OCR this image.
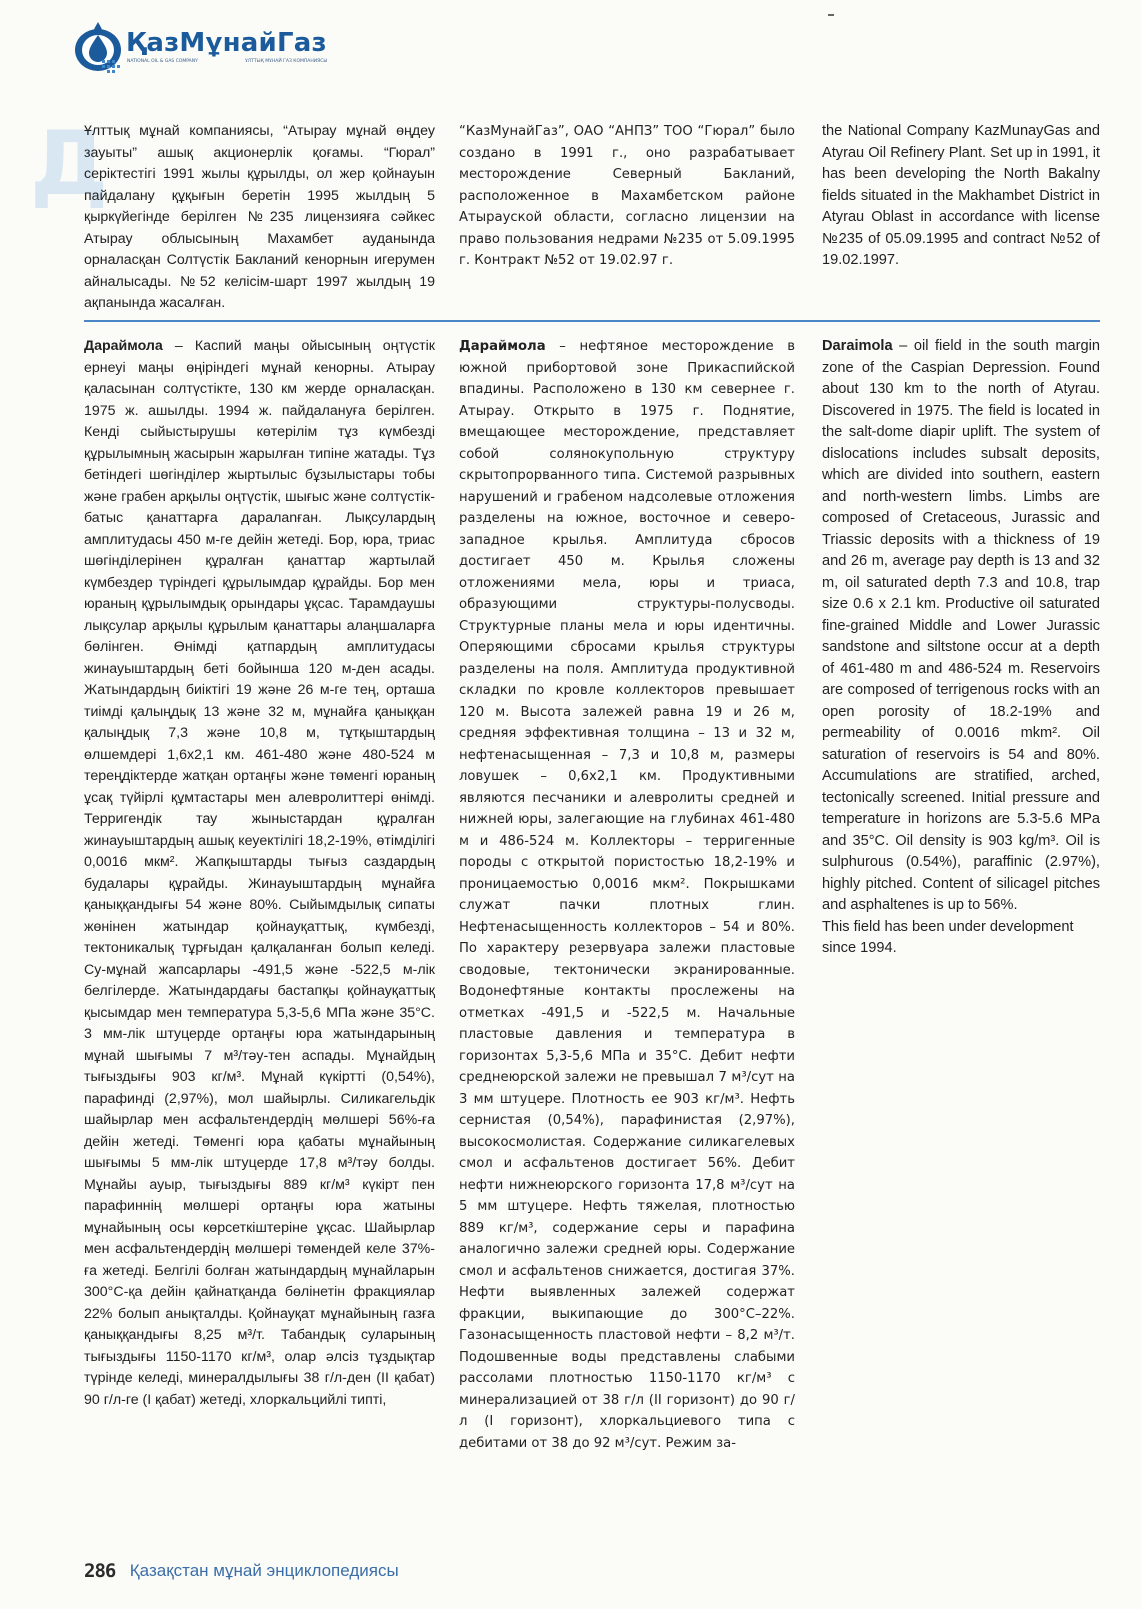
ҚазМұнайГаз
NATIONAL OIL & GAS COMPANY	ҰЛТТЫҚ МҰНАЙ ГАЗ КОМПАНИЯСЫ
Д

Ұлттық мұнай компаниясы, “Атырау мұнай өңдеу зауыты” ашық акционерлік қоғамы. “Гюрал” серіктестігі 1991 жылы құрылды, ол жер қойнауын пайдалану құқығын беретін 1995 жылдың 5 қыркүйегінде берілген №235 лицензияға сәйкес Атырау облысының Махамбет ауданында орналасқан Солтүстік Бакланий кенорнын игерумен айналысады. №52 келісім-шарт 1997 жылдың 19 ақпанында жасалған.

“КазМунайГаз”, ОАО “АНПЗ” ТОО “Гюрал” было создано в 1991 г., оно разрабатывает месторождение Северный Бакланий, расположенное в Махамбетском районе Атырауской области, согласно лицензии на право пользования недрами №235 от 5.09.1995 г. Контракт №52 от 19.02.97 г.

the National Company KazMunayGas and Atyrau Oil Refinery Plant. Set up in 1991, it has been developing the North Bakalny fields situated in the Makhambet District in Atyrau Oblast in accordance with license №235 of 05.09.1995 and contract №52 of 19.02.1997.

Дараймола – Каспий маңы ойысының оңтүстік ернеуі маңы өңіріндегі мұнай кенорны. Атырау қаласынан солтүстікте, 130 км жерде орналасқан. 1975 ж. ашылды. 1994 ж. пайдалануға берілген. Кенді сыйыстырушы көтерілім тұз күмбезді құрылымның жасырын жарылған типіне жатады. Тұз бетіндегі шөгінділер жыртылыс бұзылыстары тобы және грабен арқылы оңтүстік, шығыс және солтүстік-батыс қанаттарға даралanған. Лықсулардың амплитудасы 450 м-ге дейін жетеді. Бор, юра, триас шөгінділерінен құралған қанаттар жартылай күмбездер түріндегі құрылымдар құрайды. Бор мен юраның құрылымдық орындары ұқсас. Тарамдаушы лықсулар арқылы құрылым қанаттары алаңшаларға бөлінген. Өнімді қатпардың амплитудасы жинауыштардың беті бойынша 120 м-ден асады. Жатындардың биіктігі 19 және 26 м-ге тең, орташа тиімді қалыңдық 13 және 32 м, мұнайға қаныққан қалыңдық 7,3 және 10,8 м, тұтқыштардың өлшемдері 1,6х2,1 км. 461-480 және 480-524 м тереңдіктерде жатқан ортаңғы және төменгі юраның ұсақ түйірлі құмтастары мен алевролиттері өнімді. Терригендік тау жыныстардан құралған жинауыштардың ашық кеуектілігі 18,2-19%, өтімділігі 0,0016 мкм². Жапқыштарды тығыз саздардың будалары құрайды. Жинауыштардың мұнайға қаныққандығы 54 және 80%. Сыйымдылық сипаты жөнінен жатындар қойнауқаттық, күмбезді, тектоникалық тұрғыдан қалқаланған болып келеді. Су-мұнай жапсарлары -491,5 және -522,5 м-лік белгілерде. Жатындардағы бастапқы қойнауқаттық қысымдар мен температура 5,3-5,6 МПа және 35°С. 3 мм-лік штуцерде ортаңғы юра жатындарының мұнай шығымы 7 м³/тәу-тен аспады. Мұнайдың тығыздығы 903 кг/м³. Мұнай күкіртті (0,54%), парафинді (2,97%), мол шайырлы. Силикагельдік шайырлар мен асфальтендердің мөлшері 56%-ға дейін жетеді. Төменгі юра қабаты мұнайының шығымы 5 мм-лік штуцерде 17,8 м³/тәу болды. Мұнайы ауыр, тығыздығы 889 кг/м³ күкірт пен парафиннің мөлшері ортаңғы юра жатыны мұнайының осы көрсеткіштеріне ұқсас. Шайырлар мен асфальтендердің мөлшері төмендей келе 37%-ға жетеді. Белгілі болған жатындардың мұнайларын 300°С-қа дейін қайнатқанда бөлінетін фракциялар 22% болып анықталды. Қойнауқат мұнайының газға қаныққандығы 8,25 м³/т. Табандық суларының тығыздығы 1150-1170 кг/м³, олар әлсіз тұздықтар түрінде келеді, минералдылығы 38 г/л-ден (II қабат) 90 г/л-ге (I қабат) жетеді, хлоркальцийлі типті,

Дараймола – нефтяное месторождение в южной прибортовой зоне Прикаспийской впадины. Расположено в 130 км севернее г. Атырау. Открыто в 1975 г. Поднятие, вмещающее месторождение, представляет собой солянокупольную структуру скрытопрорванного типа. Системой разрывных нарушений и грабеном надсолевые отложения разделены на южное, восточное и северо-западное крылья. Амплитуда сбросов достигает 450 м. Крылья сложены отложениями мела, юры и триаса, образующими структуры-полусводы. Структурные планы мела и юры идентичны. Оперяющими сбросами крылья структуры разделены на поля. Амплитуда продуктивной складки по кровле коллекторов превышает 120 м. Высота залежей равна 19 и 26 м, средняя эффективная толщина – 13 и 32 м, нефтенасыщенная – 7,3 и 10,8 м, размеры ловушек – 0,6х2,1 км. Продуктивными являются песчаники и алевролиты средней и нижней юры, залегающие на глубинах 461-480 м и 486-524 м. Коллекторы – терригенные породы с открытой пористостью 18,2-19% и проницаемостью 0,0016 мкм². Покрышками служат пачки плотных глин. Нефтенасыщенность коллекторов – 54 и 80%. По характеру резервуара залежи пластовые сводовые, тектонически экранированные. Водонефтяные контакты прослежены на отметках -491,5 и -522,5 м. Начальные пластовые давления и температура в горизонтах 5,3-5,6 МПа и 35°С. Дебит нефти среднеюрской залежи не превышал 7 м³/сут на 3 мм штуцере. Плотность ее 903 кг/м³. Нефть сернистая (0,54%), парафинистая (2,97%), высокосмолистая. Содержание силикагелевых смол и асфальтенов достигает 56%. Дебит нефти нижнеюрского горизонта 17,8 м³/сут на 5 мм штуцере. Нефть тяжелая, плотностью 889 кг/м³, содержание серы и парафина аналогично залежи средней юры. Содержание смол и асфальтенов снижается, достигая 37%. Нефти выявленных залежей содержат фракции, выкипающие до 300°С–22%. Газонасыщенность пластовой нефти – 8,2 м³/т. Подошвенные воды представлены слабыми рассолами плотностью 1150-1170 кг/м³ с минерализацией от 38 г/л (II горизонт) до 90 г/л (I горизонт), хлоркальциевого типа с дебитами от 38 до 92 м³/сут. Режим за-

Daraimola – oil field in the south margin zone of the Caspian Depression. Found about 130 km to the north of Atyrau. Discovered in 1975. The field is located in the salt-dome diapir uplift. The system of dislocations includes subsalt deposits, which are divided into southern, eastern and north-western limbs. Limbs are composed of Cretaceous, Jurassic and Triassic deposits with a thickness of 19 and 26 m, average pay depth is 13 and 32 m, oil saturated depth 7.3 and 10.8, trap size 0.6 x 2.1 km. Productive oil saturated fine-grained Middle and Lower Jurassic sandstone and siltstone occur at a depth of 461-480 m and 486-524 m. Reservoirs are composed of terrigenous rocks with an open porosity of 18.2-19% and permeability of 0.0016 mkm². Oil saturation of reservoirs is 54 and 80%. Accumulations are stratified, arched, tectonically screened. Initial pressure and temperature in horizons are 5.3-5.6 MPa and 35°C. Oil density is 903 kg/m³. Oil is sulphurous (0.54%), paraffinic (2.97%), highly pitched. Content of silicagel pitches and asphaltenes is up to 56%.

This field has been under development since 1994.

286 Қазақстан мұнай энциклопедиясы
